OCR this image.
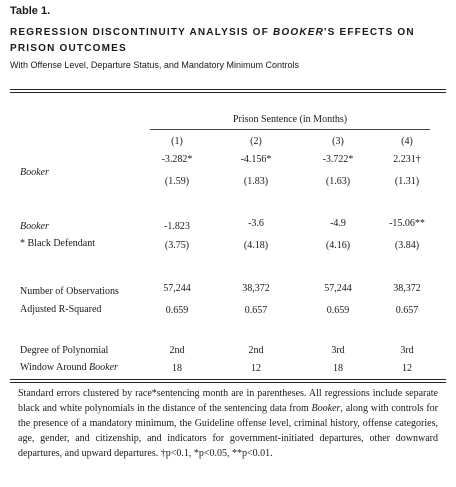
Table 1.
REGRESSION DISCONTINUITY ANALYSIS OF BOOKER'S EFFECTS ON PRISON OUTCOMES
With Offense Level, Departure Status, and Mandatory Minimum Controls
Prison Sentence (in Months)
(1)	(2)	(3)	(4)
Booker
-3.282*	-4.156*	-3.722*	2.231†
(1.59)	(1.83)	(1.63)	(1.31)
Booker
* Black Defendant
-1.823	-3.6	-4.9	-15.06**
(3.75)	(4.18)	(4.16)	(3.84)
Number of Observations	57,244	38,372	57,244	38,372
Adjusted R-Squared	0.659	0.657	0.659	0.657
Degree of Polynomial	2nd	2nd	3rd	3rd
Window Around Booker	18	12	18	12
Standard errors clustered by race*sentencing month are in parentheses. All regressions include separate black and white polynomials in the distance of the sentencing data from Booker, along with controls for the presence of a mandatory minimum, the Guideline offense level, criminal history, offense categories, age, gender, and citizenship, and indicators for government-initiated departures, other downward departures, and upward departures. †p<0.1, *p<0.05, **p<0.01.
